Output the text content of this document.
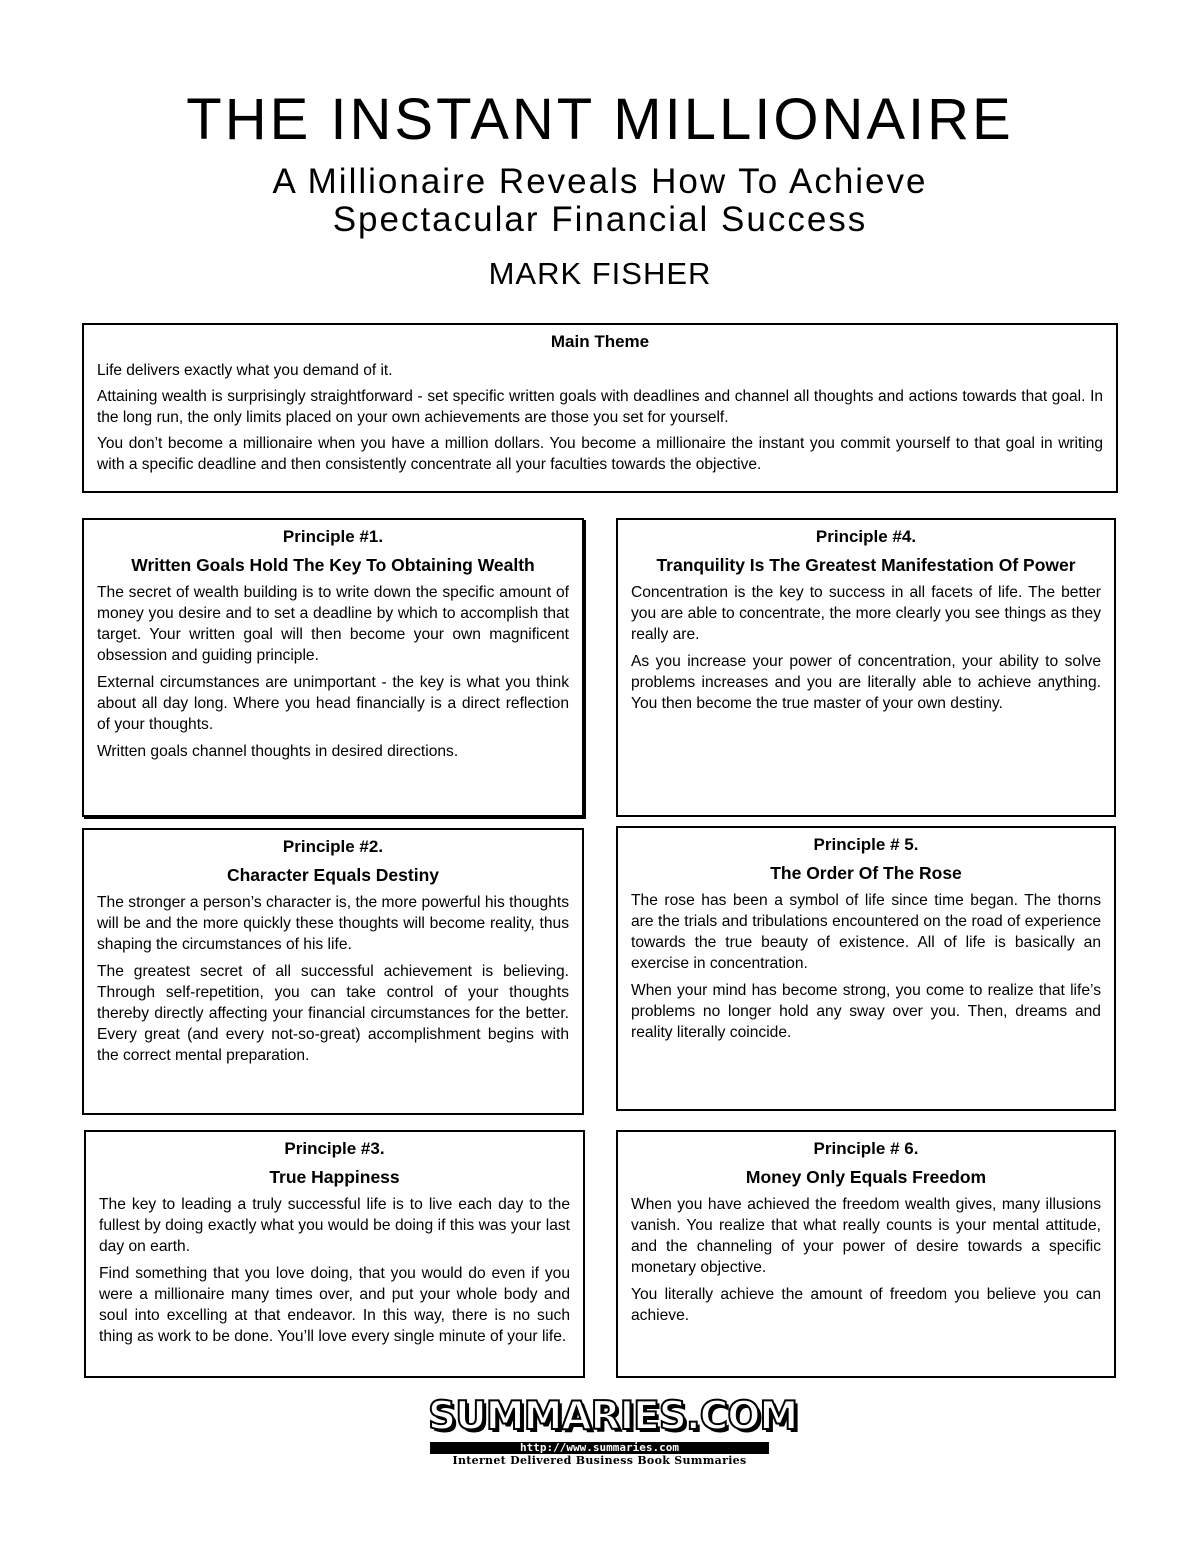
THE INSTANT MILLIONAIRE
A Millionaire Reveals How To Achieve
Spectacular Financial Success
MARK FISHER
Main Theme

Life delivers exactly what you demand of it.

Attaining wealth is surprisingly straightforward - set specific written goals with deadlines and channel all thoughts and actions towards that goal. In the long run, the only limits placed on your own achievements are those you set for yourself.

You don’t become a millionaire when you have a million dollars. You become a millionaire the instant you commit yourself to that goal in writing with a specific deadline and then consistently concentrate all your faculties towards the objective.

Principle #1.
Written Goals Hold The Key To Obtaining Wealth

The secret of wealth building is to write down the specific amount of money you desire and to set a deadline by which to accomplish that target. Your written goal will then become your own magnificent obsession and guiding principle.

External circumstances are unimportant - the key is what you think about all day long. Where you head financially is a direct reflection of your thoughts.

Written goals channel thoughts in desired directions.

Principle #4.
Tranquility Is The Greatest Manifestation Of Power

Concentration is the key to success in all facets of life. The better you are able to concentrate, the more clearly you see things as they really are.

As you increase your power of concentration, your ability to solve problems increases and you are literally able to achieve anything. You then become the true master of your own destiny.

Principle #2.
Character Equals Destiny

The stronger a person’s character is, the more powerful his thoughts will be and the more quickly these thoughts will become reality, thus shaping the circumstances of his life.

The greatest secret of all successful achievement is believing. Through self-repetition, you can take control of your thoughts thereby directly affecting your financial circumstances for the better. Every great (and every not-so-great) accomplishment begins with the correct mental preparation.

Principle # 5.
The Order Of The Rose

The rose has been a symbol of life since time began. The thorns are the trials and tribulations encountered on the road of experience towards the true beauty of existence. All of life is basically an exercise in concentration.

When your mind has become strong, you come to realize that life’s problems no longer hold any sway over you. Then, dreams and reality literally coincide.

Principle #3.
True Happiness

The key to leading a truly successful life is to live each day to the fullest by doing exactly what you would be doing if this was your last day on earth.

Find something that you love doing, that you would do even if you were a millionaire many times over, and put your whole body and soul into excelling at that endeavor. In this way, there is no such thing as work to be done. You’ll love every single minute of your life.

Principle # 6.
Money Only Equals Freedom

When you have achieved the freedom wealth gives, many illusions vanish. You realize that what really counts is your mental attitude, and the channeling of your power of desire towards a specific monetary objective.

You literally achieve the amount of freedom you believe you can achieve.

SUMMARIES.COM
http://www.summaries.com
Internet Delivered Business Book Summaries
